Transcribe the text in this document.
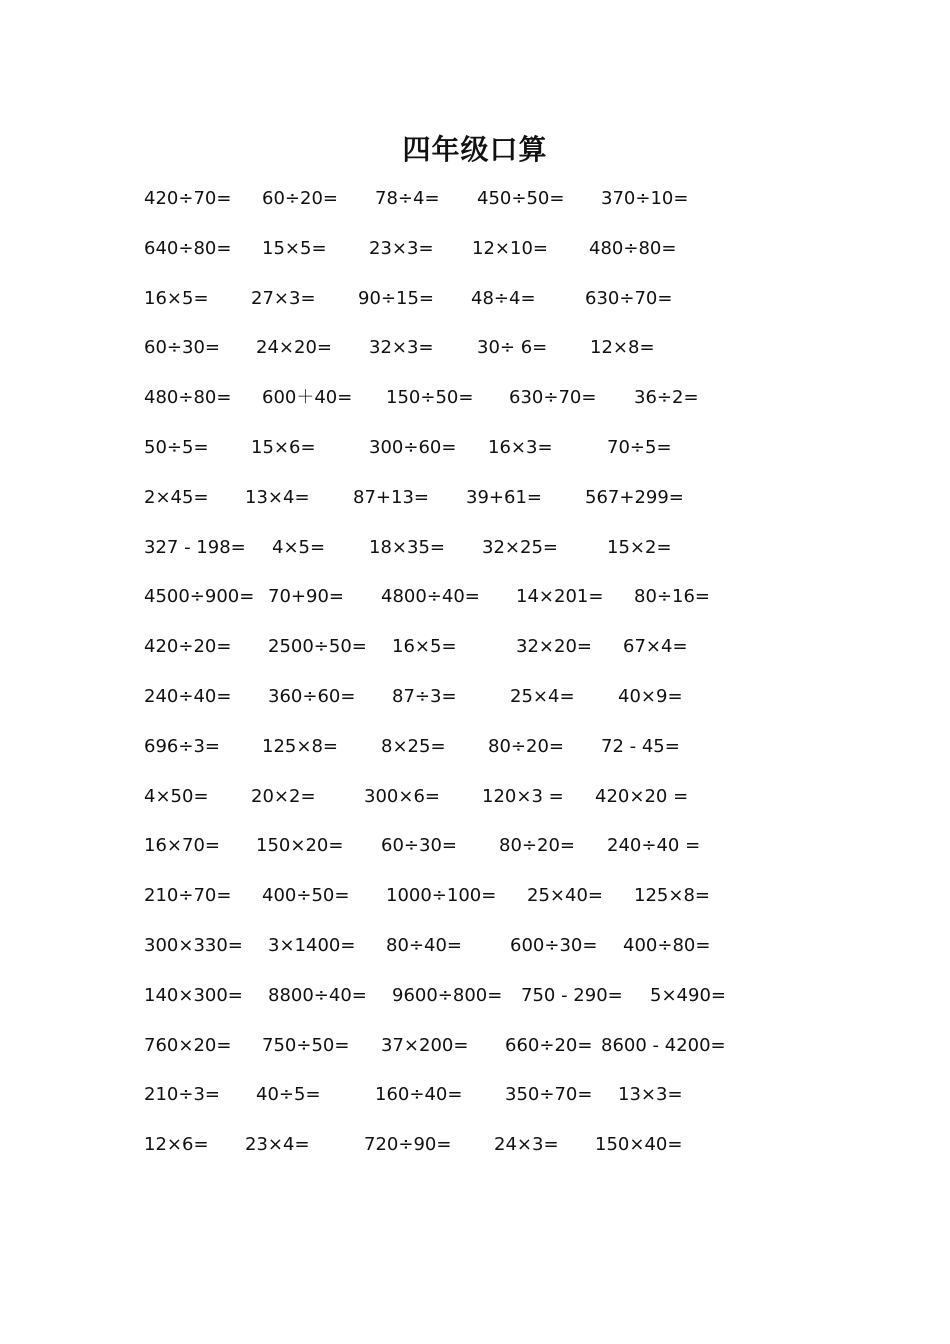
四年级口算
420÷70= 60÷20= 78÷4= 450÷50= 370÷10=
640÷80= 15×5= 23×3= 12×10= 480÷80=
16×5= 27×3= 90÷15= 48÷4=	630÷70=
60÷30= 24×20= 32×3= 30÷ 6= 12×8=
480÷80= 600＋40= 150÷50= 630÷70= 36÷2=
50÷5= 15×6=	300÷60= 16×3=	70÷5=
2×45= 13×4= 87+13= 39+61= 567+299=
327 - 198= 4×5= 18×35= 32×25=	15×2=
4500÷900= 70+90= 4800÷40= 14×201= 80÷16=
420÷20= 2500÷50= 16×5=	32×20= 67×4=
240÷40= 360÷60= 87÷3=	25×4= 40×9=
696÷3= 125×8= 8×25= 80÷20= 72 - 45=
4×50= 20×2=	300×6= 120×3 = 420×20 =
16×70= 150×20= 60÷30= 80÷20= 240÷40 =
210÷70= 400÷50= 1000÷100= 25×40= 125×8=
300×330= 3×1400= 80÷40=	600÷30= 400÷80=
140×300= 8800÷40= 9600÷800= 750 - 290= 5×490=
760×20= 750÷50= 37×200= 660÷20= 8600 - 4200=
210÷3= 40÷5=	160÷40= 350÷70= 13×3=
12×6= 23×4=	720÷90= 24×3= 150×40=
